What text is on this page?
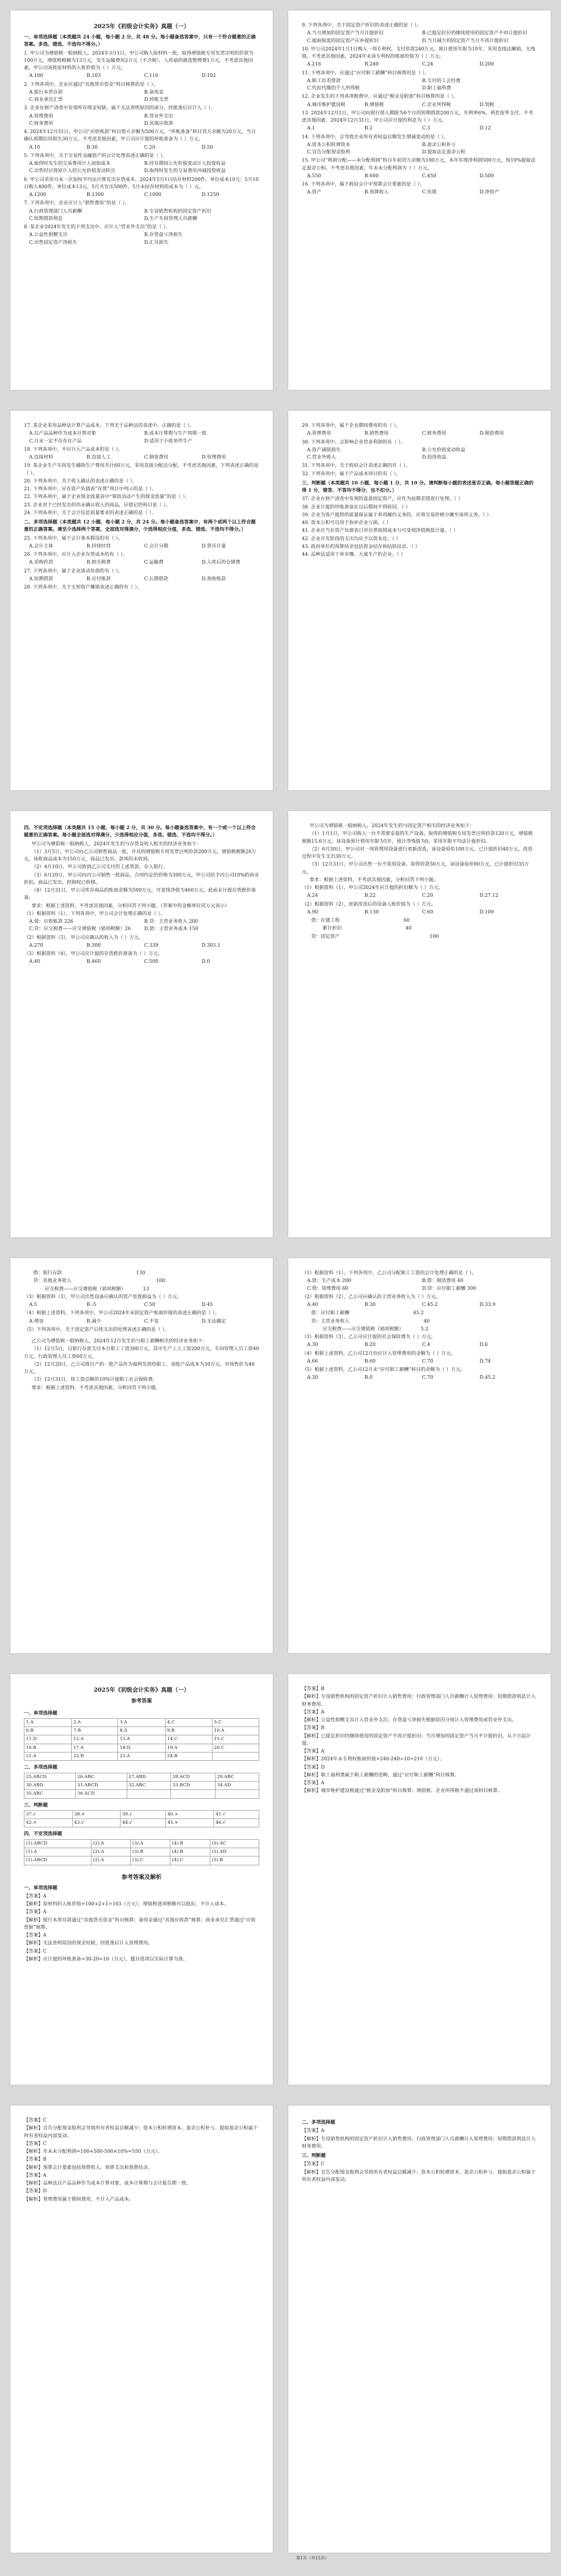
2025年《初级会计实务》真题（一）
一、单项选择题（本类题共 24 小题，每小题 2 分，共 48 分。每小题备选答案中，只有一个符合题意的正确答案。多选、错选、不选均不得分。）
1. 甲公司为增值税一般纳税人，2024年3月1日，甲公司购入原材料一批，取得增值税专用发票注明的价款为100万元，增值税税额为13万元，发生运输费用2万元（不含税），入库前的挑选整理费1万元。不考虑其他因素，甲公司该批原材料的入账价值为（ ）万元。
A.100	B.103	C.116	D.102
2. 下列各项中，企业应通过“其他货币资金”科目核算的是（ ）。
A.银行本票存款	B.备用金
C.商业承兑汇票	D.转账支票
3. 企业在财产清查中发现库存现金短缺，属于无法查明原因的部分，经批准后应计入（ ）。
A.管理费用	B.营业外支出
C.财务费用	D.其他应收款
4. 2024年12月31日，甲公司“应收账款”科目借方余额为500万元，“坏账准备”科目贷方余额为20万元，当日确认预期信用损失30万元。不考虑其他因素，甲公司应计提的坏账准备为（ ）万元。
A.10	B.30	C.20	D.50
5. 下列各项中，关于交易性金融资产的会计处理表述正确的是（ ）。
A.取得时发生的交易费用计入初始成本	B.持有期间公允价值变动计入投资收益
C.出售时应将原计入的公允价值变动转出	D.取得时发生的交易费用冲减投资收益
6. 甲公司采用月末一次加权平均法计算发出存货成本。2024年5月1日结存材料200件，单位成本10元；5月10日购入400件，单位成本13元。5月共发出500件，5月末结存材料的成本为（ ）元。
A.1200	B.1300	C.1000	D.1250
7. 下列各项中，企业应计入“销售费用”的是（ ）。
A.行政管理部门人员薪酬	B.专设销售机构的固定资产折旧
C.短期借款利息	D.生产车间管理人员薪酬
8. 某企业2024年发生的下列支出中，应计入“营业外支出”的是（ ）。
A.公益性捐赠支出	B.存货盘亏净损失
C.出售固定资产净损失	D.汇兑损失
9. 下列各项中，关于固定资产折旧的表述正确的是（ ）。
A.当月增加的固定资产当月计提折旧	B.已提足折旧仍继续使用的固定资产不再计提折旧
C.提前报废的固定资产应补提折旧	D.当月减少的固定资产当月不再计提折旧
10. 甲公司2024年1月1日购入一项专利权，支付价款240万元，预计使用年限为10年，采用直线法摊销，无残值。不考虑其他因素，2024年末该专利权的账面价值为（ ）万元。
A.216	B.240	C.24	D.200
11. 下列各项中，应通过“应付职工薪酬”科目核算的是（ ）。
A.职工出差借款	B.支付的工会经费
C.代扣代缴的个人所得税	D.职工福利费
12. 企业发生的下列各项税费中，应通过“税金及附加”科目核算的是（ ）。
A.城市维护建设税	B.增值税	C.企业所得税	D.契税
13. 2024年12月1日，甲公司向银行借入期限为6个月的短期借款200万元，年利率6%，利息按季支付。不考虑其他因素，2024年12月31日，甲公司应计提的利息为（ ）万元。
A.1	B.2	C.3	D.12
14. 下列各项中，会导致企业所有者权益总额发生增减变动的是（ ）。
A.资本公积转增资本	B.盈余公积补亏
C.宣告分配现金股利	D.提取法定盈余公积
15. 甲公司“利润分配——未分配利润”科目年初贷方余额为100万元，本年实现净利润500万元，按10%提取法定盈余公积。不考虑其他因素，年末未分配利润为（ ）万元。
A.550	B.600	C.450	D.500
16. 下列各项中，属于政府会计中预算会计要素的是（ ）。
A.资产	B.预算收入	C.负债	D.净资产
17. 某企业采用品种法计算产品成本，下列关于品种法的表述中，正确的是（ ）。
A.以产品品种作为成本计算对象	B.成本计算期与生产周期一致
C.月末一定不存在在产品	D.适用于小批单件生产
18. 下列各项中，不应计入产品成本的是（ ）。
A.直接材料	B.直接人工	C.制造费用	D.管理费用
19. 某企业生产车间发生辅助生产费用共计60万元，采用直接分配法分配。不考虑其他因素，下列表述正确的是（ ）。
20. 下列各项中，关于收入确认的表述正确的是（ ）。
21. 下列各项中，应在资产负债表“存货”项目中列示的是（ ）。
22. 下列各项中，属于企业现金流量表中“筹资活动产生的现金流量”的是（ ）。
23. 企业对于已经发出但尚未确认收入的商品，应借记的科目是（ ）。
24. 下列各项中，关于会计信息质量要求的表述正确的是（ ）。
二、多项选择题（本类题共 12 小题，每小题 2 分，共 24 分。每小题备选答案中，有两个或两个以上符合题意的正确答案。请至少选择两个答案，全部选对得满分，少选得相应分值，多选、错选、不选均不得分。）
25. 下列各项中，属于会计基本假设的有（ ）。
A.会计主体	B.持续经营	C.会计分期	D.货币计量
26. 下列各项中，应计入企业存货成本的有（ ）。
A.采购价款	B.相关税费	C.运输费	D.入库后的仓储费
27. 下列各项中，属于企业流动负债的有（ ）。
A.短期借款	B.应付账款	C.长期借款	D.预收账款
28. 下列各项中，关于无形资产摊销表述正确的有（ ）。
29. 下列各项中，属于企业期间费用的有（ ）。
A.管理费用	B.销售费用	C.财务费用	D.制造费用
30. 下列各项中，会影响企业营业利润的有（ ）。
A.资产减值损失	B.公允价值变动收益
C.营业外收入	D.投资收益
31. 下列各项中，关于政府会计表述正确的有（ ）。
32. 下列各项中，属于产品成本项目的有（ ）。
三、判断题（本类题共 10 小题，每小题 1 分，共 10 分。请判断每小题的表述是否正确。每小题答题正确的得 1 分，错答、不答均不得分，也不扣分。）
37. 企业在财产清查中发现的盘盈固定资产，应作为前期差错进行处理。（ ）
38. 企业计提的坏账准备在以后期间不得转回。（ ）
39. 企业为客户提供的质量保证属于单项履约义务的，应将交易价格分摊至该项义务。（ ）
40. 资本公积可以用于弥补企业亏损。（ ）
41. 企业应当在资产负债表日对存货按照成本与可变现净值孰低计量。（ ）
42. 企业开发阶段的支出均应予以资本化。（ ）
43. 政府单位的预算结余包括资金结存和结转结余。（ ）
44. 品种法适用于单步骤、大量生产的企业。（ ）
四、不定项选择题（本类题共 15 小题，每小题 2 分，共 30 分。每小题备选答案中，有一个或一个以上符合题意的正确答案。每小题全部选对得满分，少选得相应分值，多选、错选、不选均不得分。）
甲公司为增值税一般纳税人，2024年发生的与存货及收入相关的经济业务如下：
（1）3月5日，甲公司向乙公司销售商品一批，开具的增值税专用发票注明价款200万元，增值税税额26万元，该批商品成本为150万元，商品已发出，款项尚未收到。
（2）4月10日，甲公司收到乙公司支付的上述货款，存入银行。
（3）6月20日，甲公司向丙公司销售一批商品，合同约定的价格为300万元，甲公司给予丙公司10%的商业折扣，商品已发出，控制权已转移。
（4）12月31日，甲公司库存商品的账面余额为500万元，可变现净值为460万元，此前未计提存货跌价准备。
要求：根据上述资料，不考虑其他因素，分析回答下列小题。（答案中的金额单位用万元表示）
（1）根据资料（1），下列各项中，甲公司会计处理正确的是（ ）。
A.借：应收账款 226	B.贷：主营业务收入 200
C.贷：应交税费——应交增值税（销项税额）26	D.借：主营业务成本 150
（2）根据资料（3），甲公司应确认的收入为（ ）万元。
A.270	B.300	C.339	D.305.1
（3）根据资料（4），甲公司应计提的存货跌价准备为（ ）万元。
A.40	B.460	C.500	D.0
甲公司为增值税一般纳税人，2024年发生的与固定资产相关的经济业务如下：
（1）1月1日，甲公司购入一台不需要安装的生产设备，取得的增值税专用发票注明价款120万元，增值税税额15.6万元。该设备预计使用年限为5年，预计净残值为0，采用年限平均法计提折旧。
（2）6月30日，甲公司对一项管理用设备进行更新改造，该设备原价100万元，已计提折旧40万元，改造过程中发生支出30万元。
（3）12月31日，甲公司出售一台不需用设备，取得价款50万元，该设备原价80万元，已计提折旧35万元。
要求：根据上述资料，不考虑其他因素，分析回答下列小题。
（1）根据资料（1），甲公司2024年应计提的折旧额为（ ）万元。
A.24	B.22	C.20	D.27.12
（2）根据资料（2），更新改造后的设备入账价值为（ ）万元。
A.90	B.130	C.60	D.100
借：在建工程	60
累计折旧	40
贷：固定资产	100
借：银行存款	130
贷：其他业务收入	100
应交税费——应交增值税（销项税额）	13
（3）根据资料（3），甲公司出售设备应确认的资产处置损益为（ ）万元。
A.5	B.-5	C.50	D.45
（4）根据上述资料，下列各项中，甲公司2024年末固定资产账面价值的表述正确的是（ ）。
A.增加	B.减少	C.不变	D.无法确定
（5）下列各项中，关于固定资产后续支出的处理表述正确的是（ ）。
乙公司为增值税一般纳税人，2024年12月发生的与职工薪酬相关的经济业务如下：
（1）12月5日，以银行存款支付本月职工工资300万元，其中生产工人工资200万元，车间管理人员工资40万元，行政管理人员工资60万元。
（2）12月20日，乙公司将自产的一批产品作为福利发放给职工，该批产品成本为30万元，市场售价为40万元。
（3）12月31日，按工资总额的10%计提职工社会保险费。
要求：根据上述资料，不考虑其他因素，分析回答下列小题。
（1）根据资料（1），下列各项中，乙公司分配职工工资的会计处理正确的是（ ）。
A.借：生产成本 200	B.借：制造费用 40
C.借：管理费用 60	D.贷：应付职工薪酬 300
（2）根据资料（2），乙公司应确认的主营业务收入为（ ）万元。
A.40	B.30	C.45.2	D.33.9
借：应付职工薪酬	45.2
贷：主营业务收入	40
应交税费——应交增值税（销项税额）	5.2
（3）根据资料（3），乙公司应计提的社会保险费为（ ）万元。
A.30	B.20	C.4	D.6
（4）根据上述资料，乙公司12月份应计入管理费用的金额为（ ）万元。
A.66	B.60	C.70	D.74
（5）根据上述资料，乙公司12月末“应付职工薪酬”科目的余额为（ ）万元。
A.30	B.0	C.70	D.45.2
2025年《初级会计实务》真题（一）
参考答案
一、单项选择题
1.A	2.A	3.A	4.C	5.C
6.B	7.B	8.A	9.B	10.A
11.D	12.A	13.A	14.C	15.C
16.B	17.A	18.D	19.A	20.C
21.A	22.B	23.A	24.B	
二、多项选择题
25.ABCD	26.ABC	27.ABD	28.ACD	29.ABC
30.ABD	31.ABCD	32.ABC	33.BCD	34.AD
35.ABC	36.ACD			
三、判断题
37.√	38.×	39.√	40.×	41.√
42.×	43.√	44.√	45.×	46.√
四、不定项选择题
(1).ABCD	(2).A	(3).A	(4).B	(5).AC
(1).A	(2).A	(3).B	(4).B	(5).AD
(1).ABCD	(2).A	(3).C	(4).C	(5).B
参考答案及解析
一、单项选择题
【答案】A
【解析】原材料的入账价值=100+2+1=103（万元），增值税进项税额可以抵扣，不计入成本。
【答案】A
【解析】银行本票存款通过“其他货币资金”科目核算；备用金通过“其他应收款”核算；商业承兑汇票通过“应收票据”核算。
【答案】A
【解析】无法查明原因的现金短缺，经批准后计入管理费用。
【答案】C
【解析】应计提的坏账准备=30-20=10（万元），题目选项以实际计算为准。
【答案】B
【解析】专设销售机构的固定资产折旧计入销售费用；行政管理部门人员薪酬计入管理费用；短期借款利息计入财务费用。
【答案】A
【解析】公益性捐赠支出计入营业外支出；存货盘亏净损失根据原因分别计入管理费用或营业外支出。
【答案】B
【解析】已提足折旧仍继续使用的固定资产不再计提折旧；当月增加的固定资产当月不计提折旧，从下月起计提。
【答案】A
【解析】2024年末专利权账面价值=240-240÷10=216（万元）。
【答案】D
【解析】职工福利费属于职工薪酬的范畴，通过“应付职工薪酬”科目核算。
【答案】A
【解析】城市维护建设税通过“税金及附加”科目核算；增值税、企业所得税不通过该科目核算。
【答案】C
【解析】宣告分配现金股利会导致所有者权益总额减少；资本公积转增资本、盈余公积补亏、提取盈余公积属于所有者权益内部变动。
【答案】C
【解析】年末未分配利润=100+500-500×10%=550（万元）。
【答案】B
【解析】预算会计要素包括预算收入、预算支出和预算结余。
【答案】A
【解析】品种法以产品品种作为成本计算对象，成本计算期与会计报告期一致。
【答案】D
【解析】管理费用属于期间费用，不计入产品成本。
二、多项选择题
【答案】A
【解析】专设销售机构的固定资产折旧计入销售费用；行政管理部门人员薪酬计入管理费用；短期借款利息计入财务费用。
三、判断题
【答案】C
【解析】宣告分配现金股利会导致所有者权益总额减少；资本公积转增资本、盈余公积补亏、提取盈余公积属于所有者权益内部变动。
第1页（共15页）
